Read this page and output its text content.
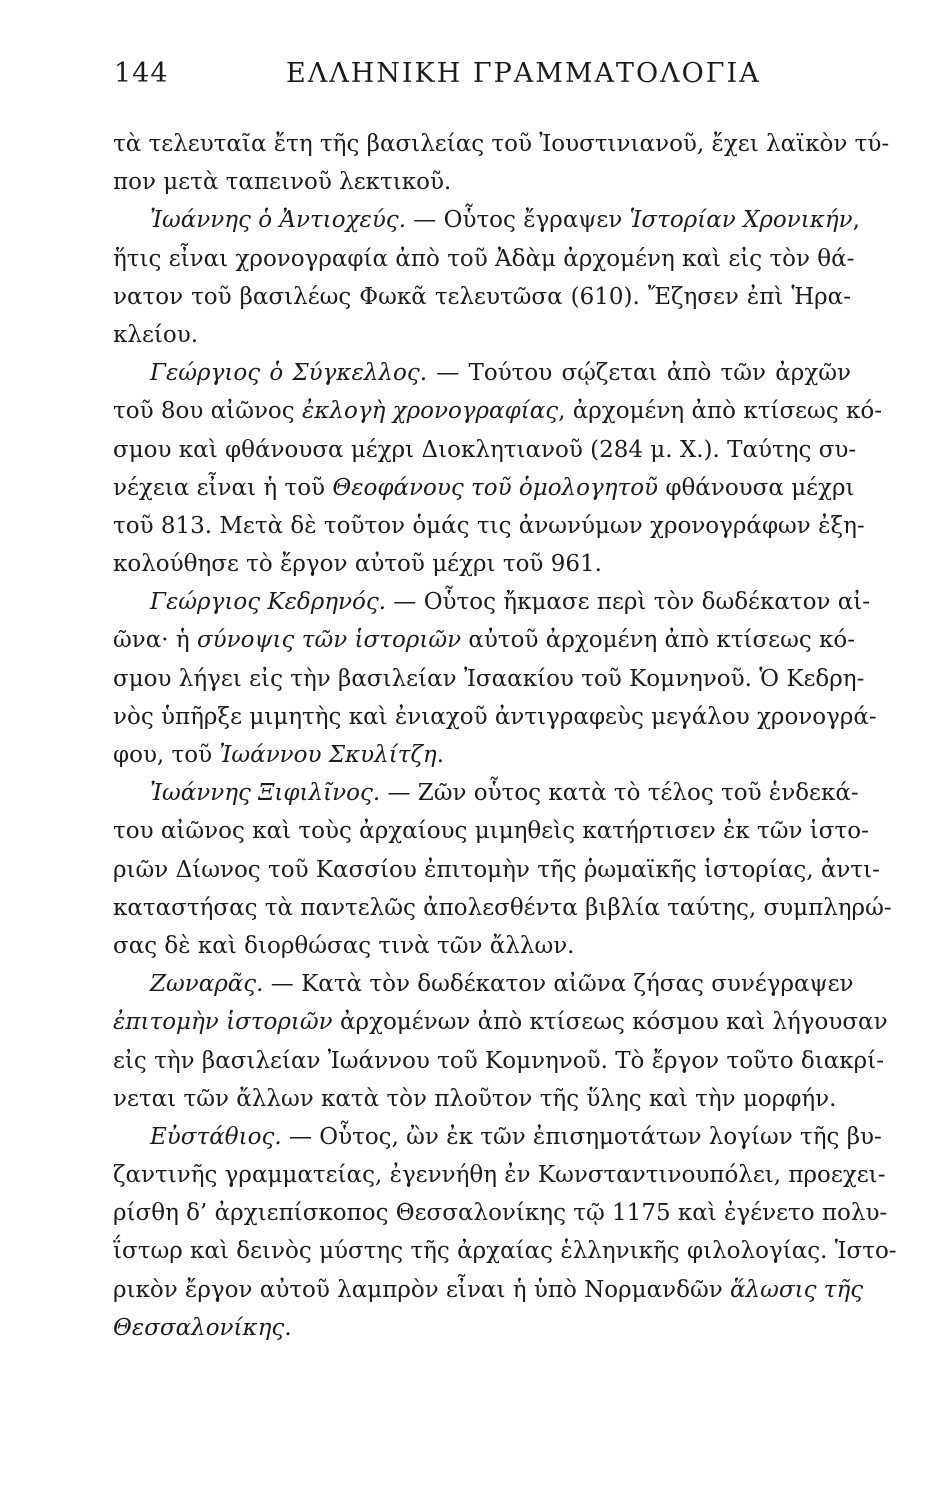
144	ΕΛΛΗΝΙΚΗ ΓΡΑΜΜΑΤΟΛΟΓΙΑ
τὰ τελευταῖα ἔτη τῆς βασιλείας τοῦ Ἰουστινιανοῦ, ἔχει λαϊκὸν τύ-
πον μετὰ ταπεινοῦ λεκτικοῦ.
Ἰωάννης ὁ Ἀντιοχεύς. — Οὗτος ἔγραψεν Ἱστορίαν Χρονικήν,
ἥτις εἶναι χρονογραφία ἀπὸ τοῦ Ἀδὰμ ἀρχομένη καὶ εἰς τὸν θά-
νατον τοῦ βασιλέως Φωκᾶ τελευτῶσα (610). Ἔζησεν ἐπὶ Ἡρα-
κλείου.
Γεώργιος ὁ Σύγκελλος. — Τούτου σῴζεται ἀπὸ τῶν ἀρχῶν
τοῦ 8ου αἰῶνος ἐκλογὴ χρονογραφίας, ἀρχομένη ἀπὸ κτίσεως κό-
σμου καὶ φθάνουσα μέχρι Διοκλητιανοῦ (284 μ. Χ.). Ταύτης συ-
νέχεια εἶναι ἡ τοῦ Θεοφάνους τοῦ ὁμολογητοῦ φθάνουσα μέχρι
τοῦ 813. Μετὰ δὲ τοῦτον ὁμάς τις ἀνωνύμων χρονογράφων ἐξη-
κολούθησε τὸ ἔργον αὐτοῦ μέχρι τοῦ 961.
Γεώργιος Κεδρηνός. — Οὗτος ἤκμασε περὶ τὸν δωδέκατον αἰ-
ῶνα· ἡ σύνοψις τῶν ἱστοριῶν αὐτοῦ ἀρχομένη ἀπὸ κτίσεως κό-
σμου λήγει εἰς τὴν βασιλείαν Ἰσαακίου τοῦ Κομνηνοῦ. Ὁ Κεδρη-
νὸς ὑπῆρξε μιμητὴς καὶ ἐνιαχοῦ ἀντιγραφεὺς μεγάλου χρονογρά-
φου, τοῦ Ἰωάννου Σκυλίτζη.
Ἰωάννης Ξιφιλῖνος. — Ζῶν οὗτος κατὰ τὸ τέλος τοῦ ἑνδεκά-
του αἰῶνος καὶ τοὺς ἀρχαίους μιμηθεὶς κατήρτισεν ἐκ τῶν ἱστο-
ριῶν Δίωνος τοῦ Κασσίου ἐπιτομὴν τῆς ῥωμαϊκῆς ἱστορίας, ἀντι-
καταστήσας τὰ παντελῶς ἀπολεσθέντα βιβλία ταύτης, συμπληρώ-
σας δὲ καὶ διορθώσας τινὰ τῶν ἄλλων.
Ζωναρᾶς. — Κατὰ τὸν δωδέκατον αἰῶνα ζήσας συνέγραψεν
ἐπιτομὴν ἱστοριῶν ἀρχομένων ἀπὸ κτίσεως κόσμου καὶ λήγουσαν
εἰς τὴν βασιλείαν Ἰωάννου τοῦ Κομνηνοῦ. Τὸ ἔργον τοῦτο διακρί-
νεται τῶν ἄλλων κατὰ τὸν πλοῦτον τῆς ὕλης καὶ τὴν μορφήν.
Εὐστάθιος. — Οὗτος, ὢν ἐκ τῶν ἐπισημοτάτων λογίων τῆς βυ-
ζαντινῆς γραμματείας, ἐγεννήθη ἐν Κωνσταντινουπόλει, προεχει-
ρίσθη δ’ ἀρχιεπίσκοπος Θεσσαλονίκης τῷ 1175 καὶ ἐγένετο πολυ-
ΐστωρ καὶ δεινὸς μύστης τῆς ἀρχαίας ἑλληνικῆς φιλολογίας. Ἱστο-
ρικὸν ἔργον αὐτοῦ λαμπρὸν εἶναι ἡ ὑπὸ Νορμανδῶν ἅλωσις τῆς
Θεσσαλονίκης.
